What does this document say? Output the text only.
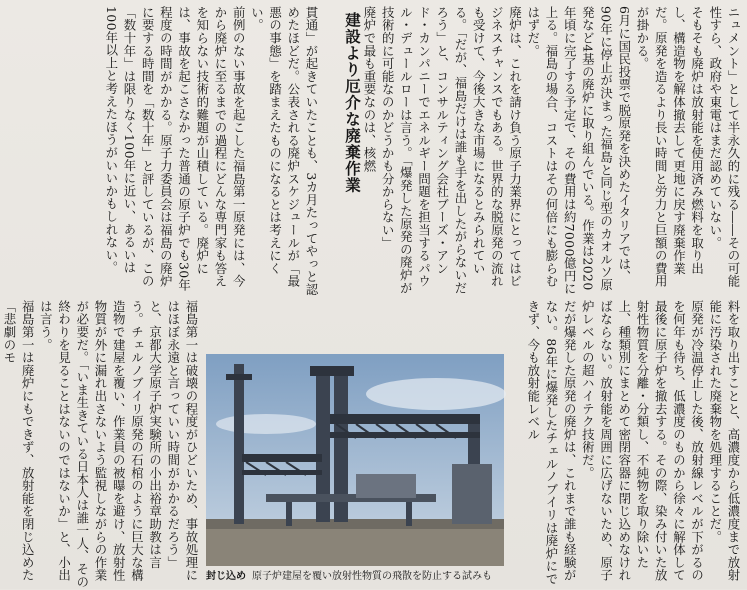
貫通」が起きていたことも、3カ月たってやっと認めたほどだ。公表される廃炉スケジュールが「最悪の事態」を踏まえたものになるとは考えにくい。

前例のない事故を起こした福島第一原発には、今から廃炉に至るまでの過程にどんな専門家も答えを知らない技術的難題が山積している。廃炉には、事故を起こさなかった普通の原子炉でも30年程度の時間がかかる。原子力委員会は福島の廃炉に要する時間を「数十年」と評しているが、この「数十年」は限りなく100年に近い、あるいは100年以上と考えたほうがいいかもしれない。	建設より厄介な廃棄作業	ニュメント」として半永久的に残る――その可能性すら、政府や東電はまだ認めていない。

そもそも廃炉は放射能を使用済み燃料を取り出し、構造物を解体撤去して更地に戻す廃棄作業だ。原発を造るより長い時間と労力と巨額の費用が掛かる。

6月に国民投票で脱原発を決めたイタリアでは、90年に停止が決まった福島と同じ型のカオルソ原発など4基の廃炉に取り組んでいる。作業は2020年頃に完了する予定で、その費用は約7000億円に上る。福島の場合、コストはその何倍にも膨らむはずだ。

廃炉は、これを請け負う原子力業界にとってはビジネスチャンスでもある。世界的な脱原発の流れも受けて、今後大きな市場になるとみられている。「だが、福島だけは誰も手を出したがらないだろう」と、コンサルティング会社ブーズ・アンド・カンパニーでエネルギー問題を担当するパウル・デュールローは言う。「爆発した原発の廃炉が技術的に可能なのかどうかも分からない」

廃炉で最も重要なのは、核燃

福島第一は破壊の程度がひどいため、事故処理にはほぼ永遠と言っていい時間がかかるだろう」と、京都大学原子炉実験所の小出裕章助教は言う。チェルノブイリ原発の石棺のように巨大な構造物で建屋を覆い、作業員の被曝を避け、放射性物質が外に漏れ出さないよう監視しながらの作業が必要だ。「いま生きている日本人は誰一人、その終わりを見ることはないのではないか」と、小出は言う。

福島第一は廃炉にもできず、放射能を閉じ込めた「悲劇のモ	料を取り出すことと、高濃度から低濃度まで放射能に汚染された廃棄物を処理することだ。

原発が冷温停止した後、放射線レベルが下がるのを何年も待ち、低濃度のものから徐々に解体して最後に原子炉を撤去する。その際、染み付いた放射性物質を分離・分類し、不純物を取り除いた上、種類別にまとめて密閉容器に閉じ込めなければならない。放射能を周囲に広げないため、原子炉レベルの超ハイテク技術だ。

だが爆発した原発の廃炉は、これまで誰も経験がない。86年に爆発したチェルノブイリは廃炉にできず、今も放射能レベル

封じ込め 原子炉建屋を覆い放射性物質の飛散を防止する試みも
